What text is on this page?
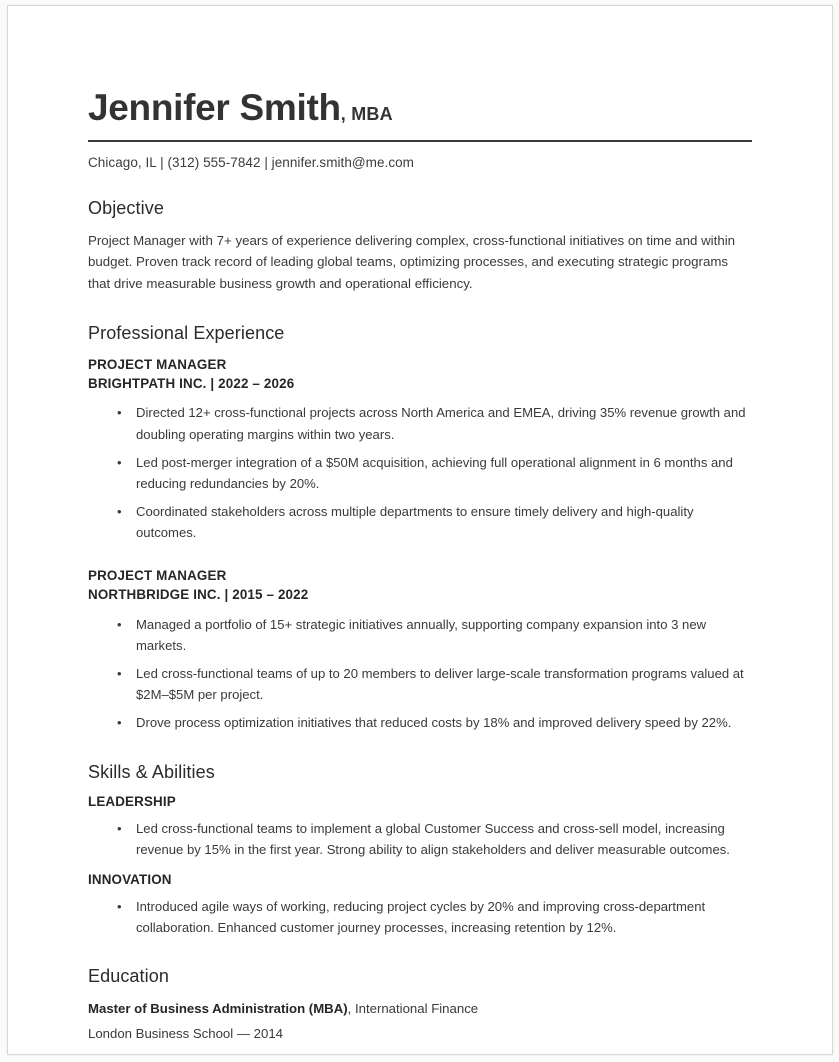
Jennifer Smith , MBA
Chicago, IL | (312) 555-7842 | jennifer.smith@me.com
Objective

Project Manager with 7+ years of experience delivering complex, cross-functional initiatives on time and within budget. Proven track record of leading global teams, optimizing processes, and executing strategic programs that drive measurable business growth and operational efficiency.

Professional Experience
PROJECT MANAGER
BRIGHTPATH INC. | 2022 – 2026
• Directed 12+ cross-functional projects across North America and EMEA, driving 35% revenue growth and doubling operating margins within two years.
• Led post-merger integration of a $50M acquisition, achieving full operational alignment in 6 months and reducing redundancies by 20%.
• Coordinated stakeholders across multiple departments to ensure timely delivery and high-quality outcomes.
PROJECT MANAGER
NORTHBRIDGE INC. | 2015 – 2022
• Managed a portfolio of 15+ strategic initiatives annually, supporting company expansion into 3 new markets.
• Led cross-functional teams of up to 20 members to deliver large-scale transformation programs valued at $2M–$5M per project.
• Drove process optimization initiatives that reduced costs by 18% and improved delivery speed by 22%.
Skills & Abilities
LEADERSHIP
• Led cross-functional teams to implement a global Customer Success and cross-sell model, increasing revenue by 15% in the first year. Strong ability to align stakeholders and deliver measurable outcomes.
INNOVATION
• Introduced agile ways of working, reducing project cycles by 20% and improving cross-department collaboration. Enhanced customer journey processes, increasing retention by 12%.
Education
Master of Business Administration (MBA), International Finance
London Business School — 2014
